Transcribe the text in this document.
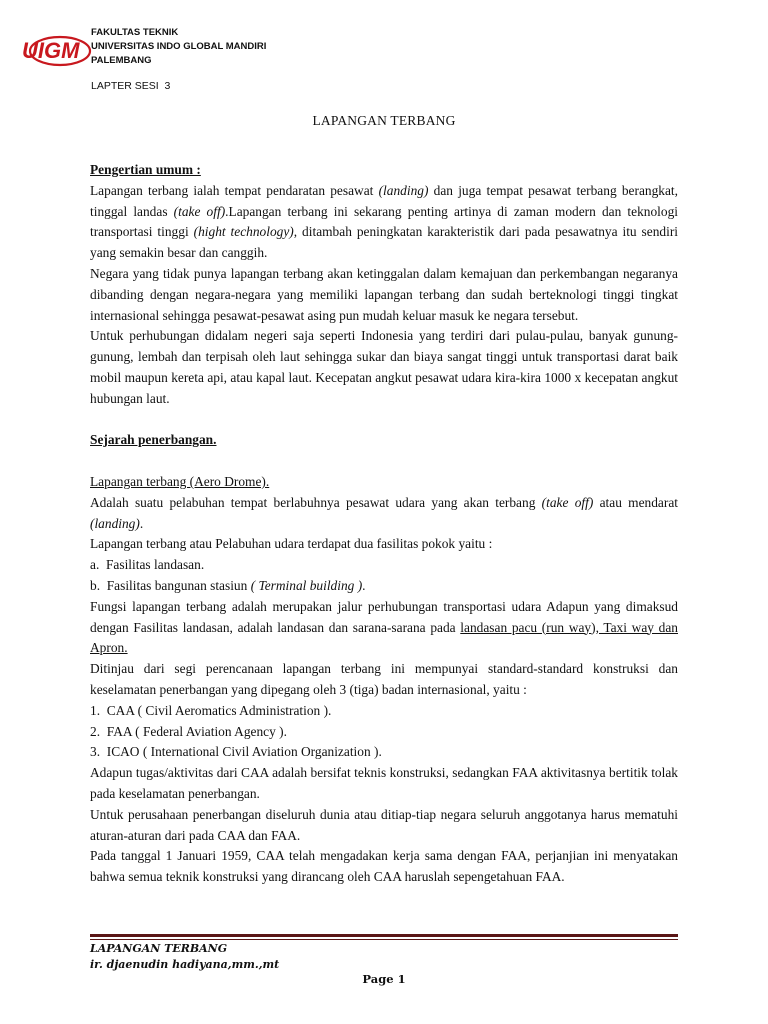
UIGM
FAKULTAS TEKNIK
UNIVERSITAS INDO GLOBAL MANDIRI
PALEMBANG
LAPTER SESI  3
LAPANGAN TERBANG

Pengertian umum :

Lapangan terbang ialah tempat pendaratan pesawat (landing) dan juga tempat pesawat terbang berangkat, tinggal landas (take off).Lapangan terbang ini sekarang penting artinya di zaman modern dan teknologi transportasi tinggi (hight technology), ditambah peningkatan karakteristik dari pada pesawatnya itu sendiri yang semakin besar dan canggih.

Negara yang tidak punya lapangan terbang akan ketinggalan dalam kemajuan dan perkembangan negaranya dibanding dengan negara-negara yang memiliki lapangan terbang dan sudah berteknologi tinggi tingkat internasional sehingga pesawat-pesawat asing pun mudah keluar masuk ke negara tersebut.

Untuk perhubungan didalam negeri saja seperti Indonesia yang terdiri dari pulau-pulau, banyak gunung-gunung, lembah dan terpisah oleh laut sehingga sukar dan biaya sangat tinggi untuk transportasi darat baik mobil maupun kereta api, atau kapal laut. Kecepatan angkut pesawat udara kira-kira 1000 x kecepatan angkut hubungan laut.

Sejarah penerbangan.

Lapangan terbang (Aero Drome).

Adalah suatu pelabuhan tempat berlabuhnya pesawat udara yang akan terbang (take off) atau mendarat (landing).

Lapangan terbang atau Pelabuhan udara terdapat dua fasilitas pokok yaitu :

a.  Fasilitas landasan.

b.  Fasilitas bangunan stasiun ( Terminal building ).

Fungsi lapangan terbang adalah merupakan jalur perhubungan transportasi udara Adapun yang dimaksud dengan Fasilitas landasan, adalah landasan dan sarana-sarana pada landasan pacu (run way), Taxi way dan Apron.

Ditinjau dari segi perencanaan lapangan terbang ini mempunyai standard-standard konstruksi dan keselamatan penerbangan yang dipegang oleh 3 (tiga) badan internasional, yaitu :

1.  CAA ( Civil Aeromatics Administration ).

2.  FAA ( Federal Aviation Agency ).

3.  ICAO ( International Civil Aviation Organization ).

Adapun tugas/aktivitas dari CAA adalah bersifat teknis konstruksi, sedangkan FAA aktivitasnya bertitik tolak pada keselamatan penerbangan.

Untuk perusahaan penerbangan diseluruh dunia atau ditiap-tiap negara seluruh anggotanya harus mematuhi aturan-aturan dari pada CAA dan FAA.

Pada tanggal 1 Januari 1959, CAA telah mengadakan kerja sama dengan FAA, perjanjian ini menyatakan bahwa semua teknik konstruksi yang dirancang oleh CAA haruslah sepengetahuan FAA.

LAPANGAN TERBANG
ir. djaenudin hadiyana,mm.,mt
Page 1
